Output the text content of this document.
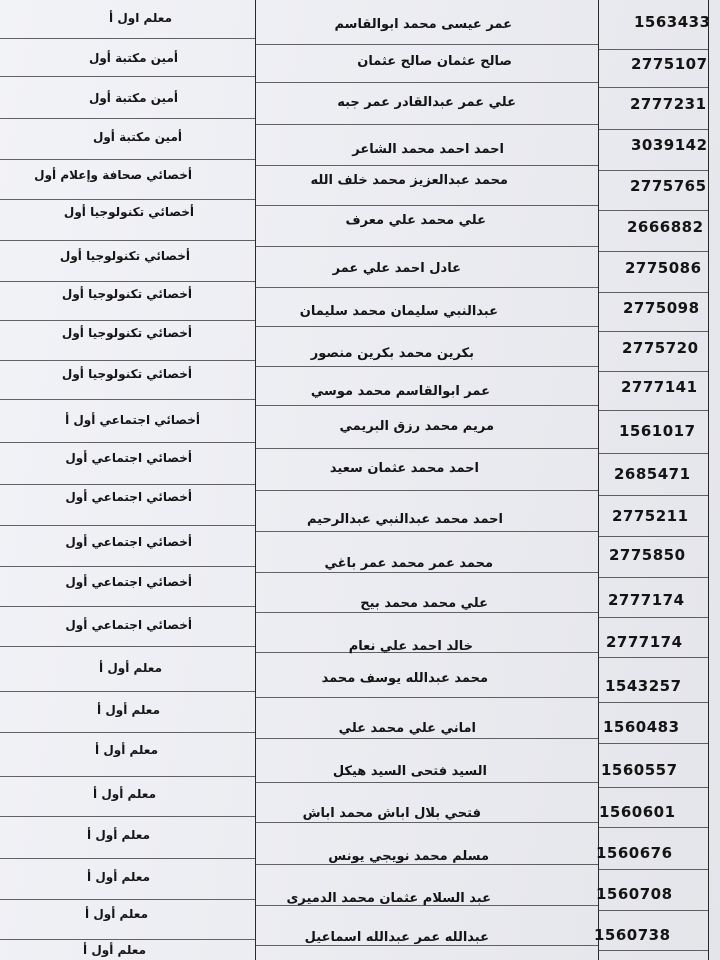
1563433
عمر عيسى محمد ابوالقاسم
معلم اول أ
2775107
صالح عثمان صالح عثمان
أمين مكتبة أول
2777231
علي عمر عبدالقادر عمر جبه
أمين مكتبة أول
3039142
احمد احمد محمد الشاعر
أمين مكتبة أول
2775765
محمد عبدالعزيز محمد خلف الله
أخصائي صحافة وإعلام أول
2666882
علي محمد علي معرف
أخصائي تكنولوجيا أول
2775086
عادل احمد علي عمر
أخصائي تكنولوجيا أول
2775098
عبدالنبي سليمان محمد سليمان
أخصائي تكنولوجيا أول
2775720
بكرين محمد بكرين منصور
أخصائي تكنولوجيا أول
2777141
عمر ابوالقاسم محمد موسي
أخصائي تكنولوجيا أول
1561017
مريم محمد رزق البريمي
أخصائي اجتماعي أول أ
2685471
احمد محمد عثمان سعيد
أخصائي اجتماعي أول
2775211
احمد محمد عبدالنبي عبدالرحيم
أخصائي اجتماعي أول
2775850
محمد عمر محمد عمر باغي
أخصائي اجتماعي أول
2777174
علي محمد محمد بيح
أخصائي اجتماعي أول
2777174
خالد احمد علي نعام
أخصائي اجتماعي أول
1543257
محمد عبدالله يوسف محمد
معلم أول أ
1560483
اماني علي محمد علي
معلم أول أ
1560557
السيد فتحى السيد هيكل
معلم أول أ
1560601
فتحي بلال اباش محمد اباش
معلم أول أ
1560676
مسلم محمد نويجي يونس
معلم أول أ
1560708
عبد السلام عثمان محمد الدميرى
معلم أول أ
1560738
عبدالله عمر عبدالله اسماعيل
معلم أول أ
معلم أول أ
